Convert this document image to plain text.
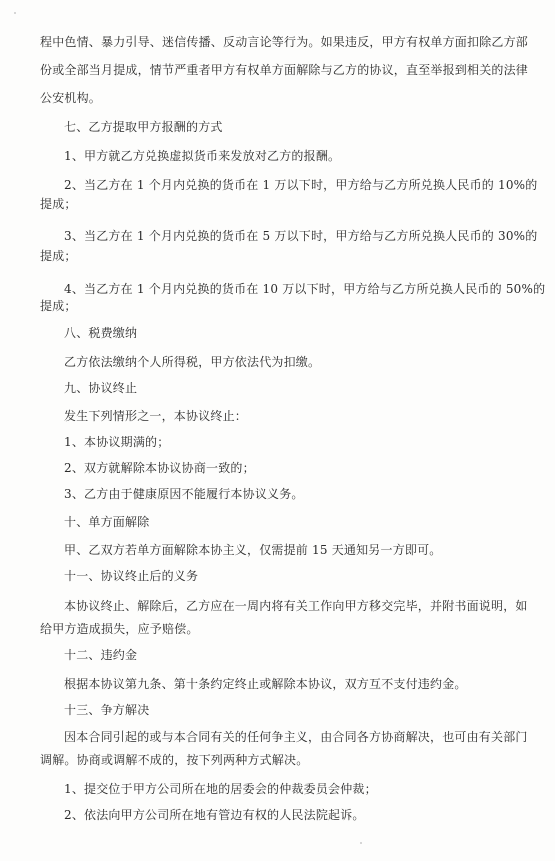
程中色情、暴力引导、迷信传播、反动言论等行为。如果违反，甲方有权单方面扣除乙方部
份或全部当月提成，情节严重者甲方有权单方面解除与乙方的协议，直至举报到相关的法律
公安机构。
七、乙方提取甲方报酬的方式
1、甲方就乙方兑换虚拟货币来发放对乙方的报酬。
2、当乙方在 1 个月内兑换的货币在 1 万以下时，甲方给与乙方所兑换人民币的 10%的
提成；
3、当乙方在 1 个月内兑换的货币在 5 万以下时，甲方给与乙方所兑换人民币的 30%的
提成；
4、当乙方在 1 个月内兑换的货币在 10 万以下时，甲方给与乙方所兑换人民币的 50%的
提成；
八、税费缴纳
乙方依法缴纳个人所得税，甲方依法代为扣缴。
九、协议终止
发生下列情形之一，本协议终止：
1、本协议期满的；
2、双方就解除本协议协商一致的；
3、乙方由于健康原因不能履行本协议义务。
十、单方面解除
甲、乙双方若单方面解除本协主义，仅需提前 15 天通知另一方即可。
十一、协议终止后的义务
本协议终止、解除后，乙方应在一周内将有关工作向甲方移交完毕，并附书面说明，如
给甲方造成损失，应予赔偿。
十二、违约金
根据本协议第九条、第十条约定终止或解除本协议，双方互不支付违约金。
十三、争方解决
因本合同引起的或与本合同有关的任何争主义，由合同各方协商解决，也可由有关部门
调解。协商或调解不成的，按下列两种方式解决。
1、提交位于甲方公司所在地的居委会的仲裁委员会仲裁；
2、依法向甲方公司所在地有管边有权的人民法院起诉。
